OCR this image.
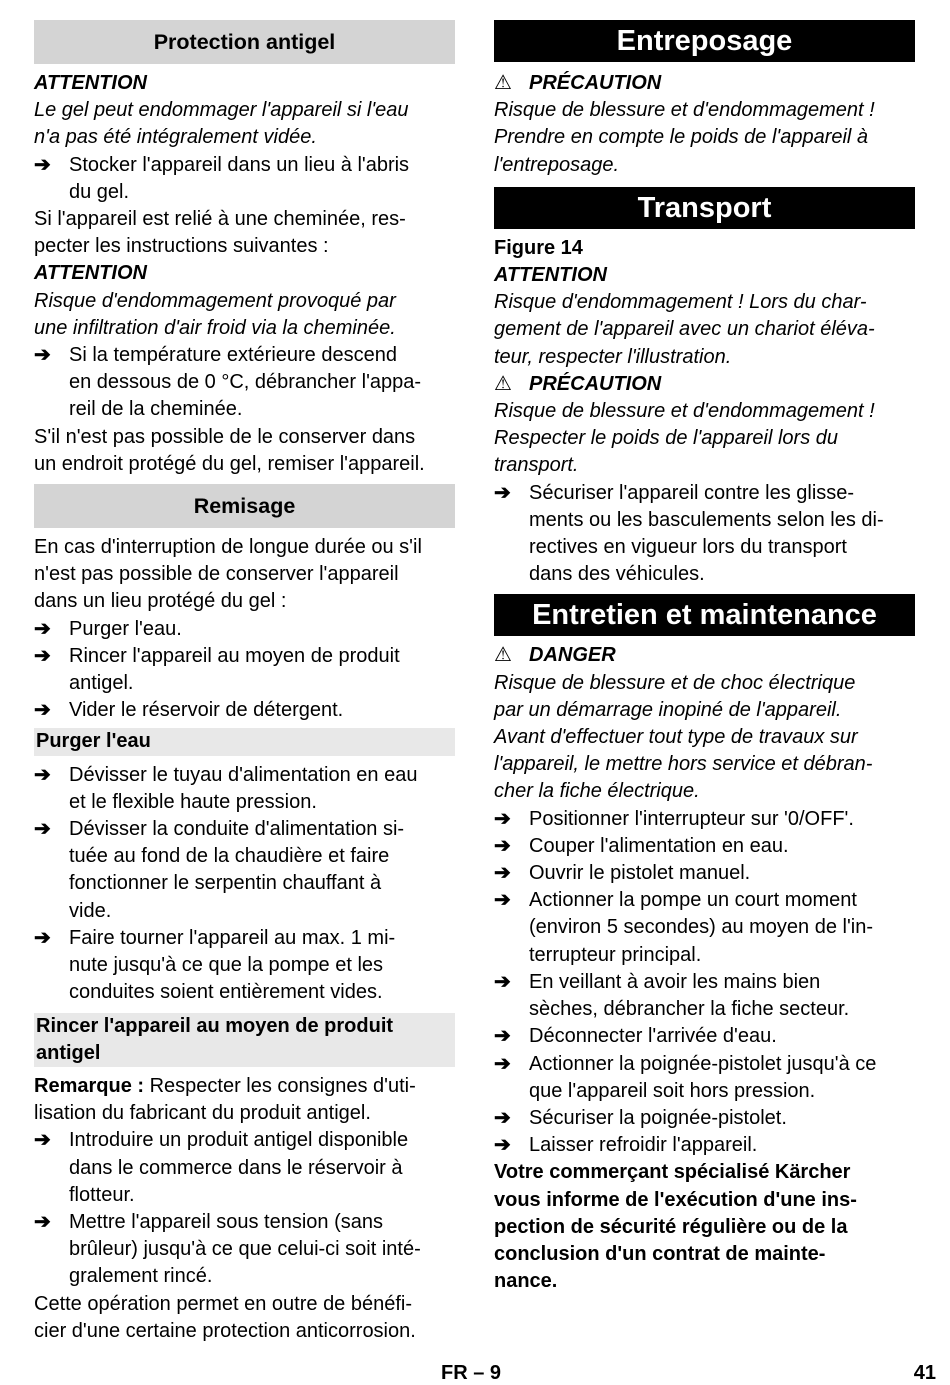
Protection antigel
ATTENTION
Le gel peut endommager l'appareil si l'eau
n'a pas été intégralement vidée.
➔ Stocker l'appareil dans un lieu à l'abris
du gel.
Si l'appareil est relié à une cheminée, res-
pecter les instructions suivantes :
ATTENTION
Risque d'endommagement provoqué par
une infiltration d'air froid via la cheminée.
➔ Si la température extérieure descend
en dessous de 0 °C, débrancher l'appa-
reil de la cheminée.
S'il n'est pas possible de le conserver dans
un endroit protégé du gel, remiser l'appareil.
Remisage
En cas d'interruption de longue durée ou s'il
n'est pas possible de conserver l'appareil
dans un lieu protégé du gel :
➔ Purger l'eau.
➔ Rincer l'appareil au moyen de produit
antigel.
➔ Vider le réservoir de détergent.
Purger l'eau
➔ Dévisser le tuyau d'alimentation en eau
et le flexible haute pression.
➔ Dévisser la conduite d'alimentation si-
tuée au fond de la chaudière et faire
fonctionner le serpentin chauffant à
vide.
➔ Faire tourner l'appareil au max. 1 mi-
nute jusqu'à ce que la pompe et les
conduites soient entièrement vides.
Rincer l'appareil au moyen de produit
antigel
Remarque : Respecter les consignes d'uti-
lisation du fabricant du produit antigel.
➔ Introduire un produit antigel disponible
dans le commerce dans le réservoir à
flotteur.
➔ Mettre l'appareil sous tension (sans
brûleur) jusqu'à ce que celui-ci soit inté-
gralement rincé.
Cette opération permet en outre de bénéfi-
cier d'une certaine protection anticorrosion.
Entreposage
⚠ PRÉCAUTION
Risque de blessure et d'endommagement !
Prendre en compte le poids de l'appareil à
l'entreposage.
Transport
Figure 14
ATTENTION
Risque d'endommagement ! Lors du char-
gement de l'appareil avec un chariot éléva-
teur, respecter l'illustration.
⚠ PRÉCAUTION
Risque de blessure et d'endommagement !
Respecter le poids de l'appareil lors du
transport.
➔ Sécuriser l'appareil contre les glisse-
ments ou les basculements selon les di-
rectives en vigueur lors du transport
dans des véhicules.
Entretien et maintenance
⚠ DANGER
Risque de blessure et de choc électrique
par un démarrage inopiné de l'appareil.
Avant d'effectuer tout type de travaux sur
l'appareil, le mettre hors service et débran-
cher la fiche électrique.
➔ Positionner l'interrupteur sur '0/OFF'.
➔ Couper l'alimentation en eau.
➔ Ouvrir le pistolet manuel.
➔ Actionner la pompe un court moment
(environ 5 secondes) au moyen de l'in-
terrupteur principal.
➔ En veillant à avoir les mains bien
sèches, débrancher la fiche secteur.
➔ Déconnecter l'arrivée d'eau.
➔ Actionner la poignée-pistolet jusqu'à ce
que l'appareil soit hors pression.
➔ Sécuriser la poignée-pistolet.
➔ Laisser refroidir l'appareil.
Votre commerçant spécialisé Kärcher
vous informe de l'exécution d'une ins-
pection de sécurité régulière ou de la
conclusion d'un contrat de mainte-
nance.
FR – 9	41
